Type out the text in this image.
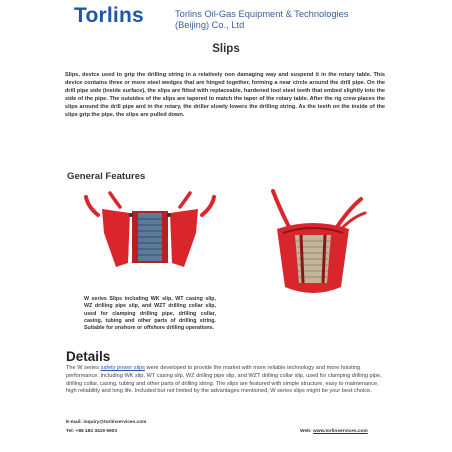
Torlins	Torlins Oil-Gas Equipment & Technologies
(Beijing) Co., Ltd
Slips
Slips, device used to grip the drilling string in a relatively non damaging way and suspend it in the rotary table. This device contains three or more steel wedges that are hinged together, forming a near circle around the drill pipe. On the drill pipe side (inside surface), the slips are fitted with replaceable, hardened tool steel teeth that embed slightly into the side of the pipe. The outsides of the slips are tapered to match the taper of the rotary table. After the rig crew places the slips around the drill pipe and in the rotary, the driller slowly lowers the drilling string. As the teeth on the inside of the slips grip the pipe, the slips are pulled down.
General Features
W series Slips including WK slip, WT casing slip, WZ drilling pipe slip, and WZT drilling collar slip, used for clamping drilling pipe, drilling collar, casing, tubing and other parts of drilling string. Suitable for onshore or offshore drilling operations.
Details
The W series safety power slips were developed to provide the market with more reliable technology and more hoisting performance. Including WK slip, WT casing slip, WZ drilling pipe slip, and WZT drilling collar slip, used for clamping drilling pipe, drilling collar, casing, tubing and other parts of drilling string. The slips are featured with simple structure, easy to maintenance, high reliability and long life. Included but not limited by the advantages mentioned, W series slips might be your best choice.
E-mail: inquiry@torlinservices.com
Tel: +86 182 3419 6903	Web: www.torlinservices.com
